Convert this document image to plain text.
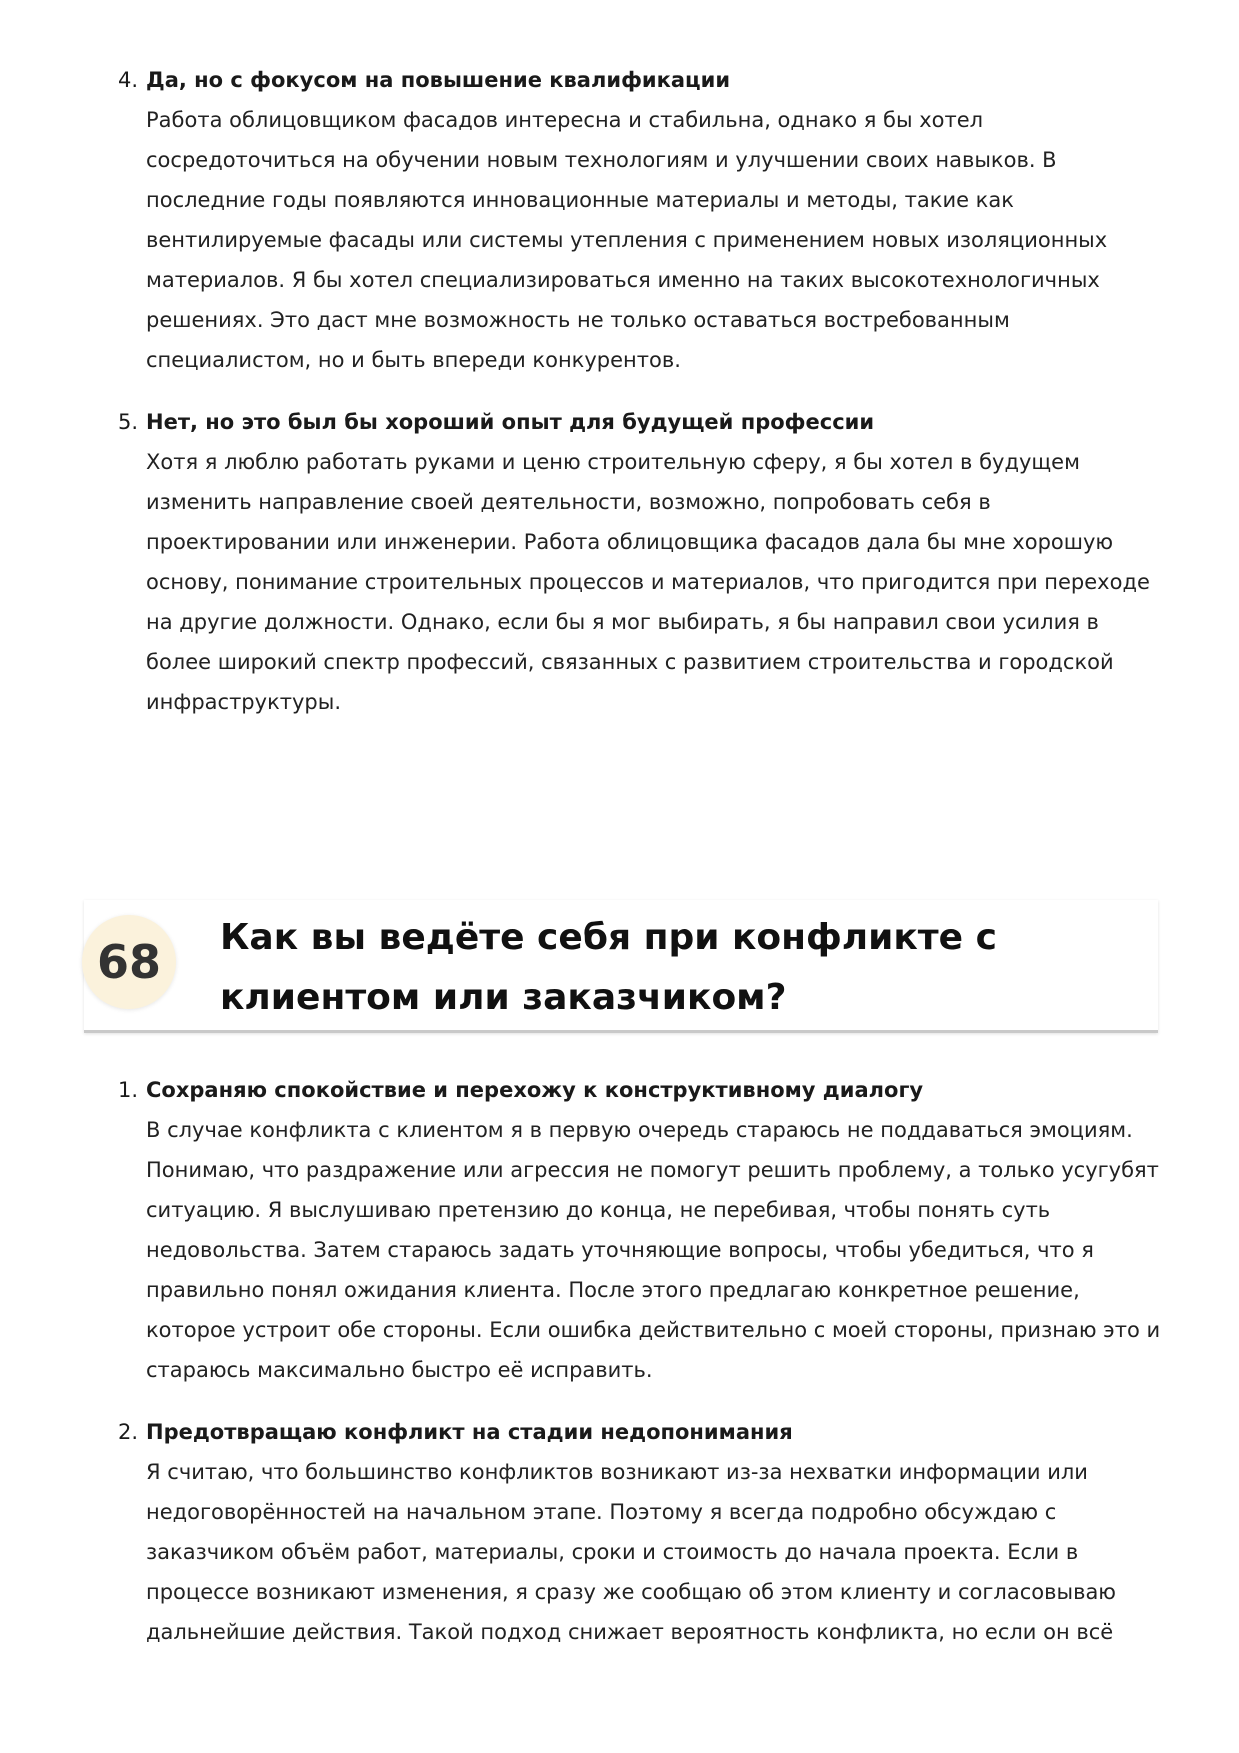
4. Да, но с фокусом на повышение квалификации
Работа облицовщиком фасадов интересна и стабильна, однако я бы хотел сосредоточиться на обучении новым технологиям и улучшении своих навыков. В последние годы появляются инновационные материалы и методы, такие как вентилируемые фасады или системы утепления с применением новых изоляционных материалов. Я бы хотел специализироваться именно на таких высокотехнологичных решениях. Это даст мне возможность не только оставаться востребованным специалистом, но и быть впереди конкурентов.
5. Нет, но это был бы хороший опыт для будущей профессии
Хотя я люблю работать руками и ценю строительную сферу, я бы хотел в будущем изменить направление своей деятельности, возможно, попробовать себя в проектировании или инженерии. Работа облицовщика фасадов дала бы мне хорошую основу, понимание строительных процессов и материалов, что пригодится при переходе на другие должности. Однако, если бы я мог выбирать, я бы направил свои усилия в более широкий спектр профессий, связанных с развитием строительства и городской инфраструктуры.
68	Как вы ведёте себя при конфликте с клиентом или заказчиком?
1. Сохраняю спокойствие и перехожу к конструктивному диалогу
В случае конфликта с клиентом я в первую очередь стараюсь не поддаваться эмоциям. Понимаю, что раздражение или агрессия не помогут решить проблему, а только усугубят ситуацию. Я выслушиваю претензию до конца, не перебивая, чтобы понять суть недовольства. Затем стараюсь задать уточняющие вопросы, чтобы убедиться, что я правильно понял ожидания клиента. После этого предлагаю конкретное решение, которое устроит обе стороны. Если ошибка действительно с моей стороны, признаю это и стараюсь максимально быстро её исправить.
2. Предотвращаю конфликт на стадии недопонимания
Я считаю, что большинство конфликтов возникают из-за нехватки информации или недоговорённостей на начальном этапе. Поэтому я всегда подробно обсуждаю с заказчиком объём работ, материалы, сроки и стоимость до начала проекта. Если в процессе возникают изменения, я сразу же сообщаю об этом клиенту и согласовываю дальнейшие действия. Такой подход снижает вероятность конфликта, но если он всё
